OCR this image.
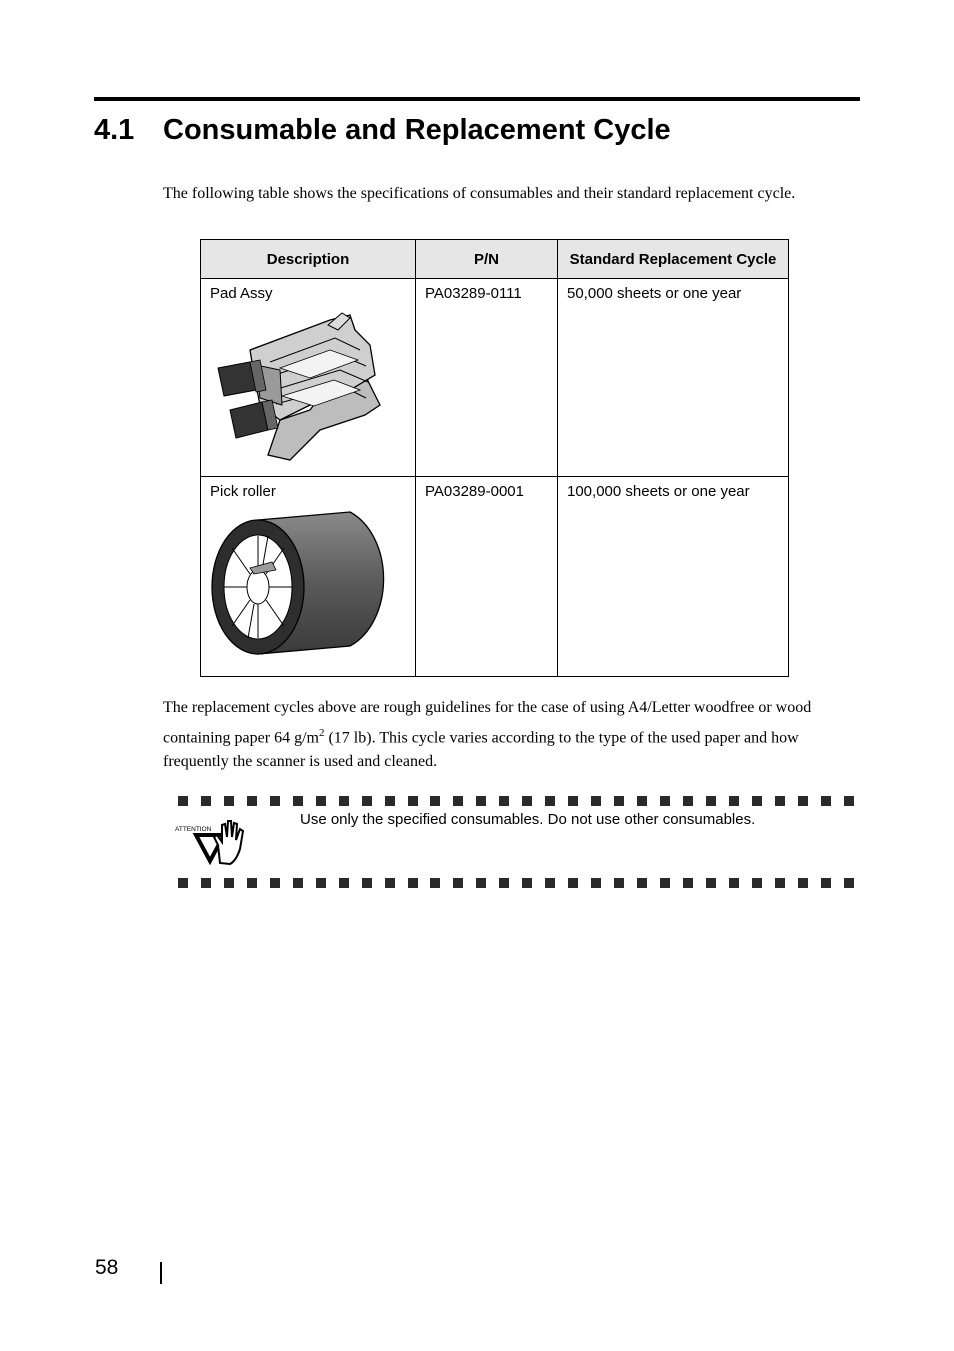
4.1 Consumable and Replacement Cycle

The following table shows the specifications of consumables and their standard replacement cycle.

Description	P/N	Standard Replacement Cycle
Pad Assy	PA03289-0111	50,000 sheets or one year
Pick roller	PA03289-0001	100,000 sheets or one year

The replacement cycles above are rough guidelines for the case of using A4/Letter woodfree or wood containing paper 64 $g/m^2$ (17 lb). This cycle varies according to the type of the used paper and how frequently the scanner is used and cleaned.

ATTENTION
Use only the specified consumables. Do not use other consumables.
58
